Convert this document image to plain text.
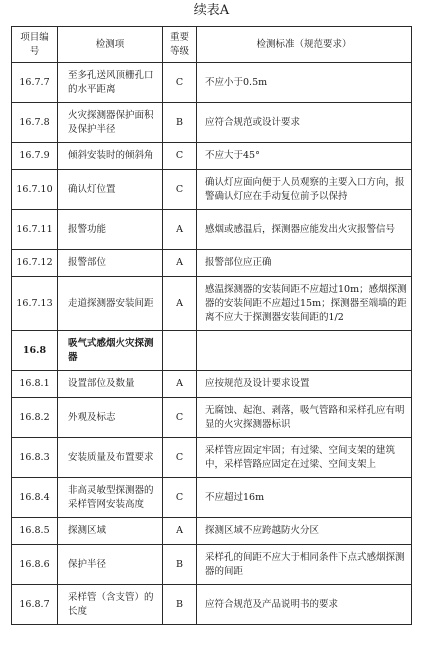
续表A
项目编号	检测项	重要等级	检测标准（规范要求）
16.7.7	至多孔送风顶栅孔口的水平距离	C	不应小于0.5m
16.7.8	火灾探测器保护面积及保护半径	B	应符合规范或设计要求
16.7.9	倾斜安装时的倾斜角	C	不应大于45°
16.7.10	确认灯位置	C	确认灯应面向便于人员观察的主要入口方向，报警确认灯应在手动复位前予以保持
16.7.11	报警功能	A	感烟或感温后，探测器应能发出火灾报警信号
16.7.12	报警部位	A	报警部位应正确
16.7.13	走道探测器安装间距	A	感温探测器的安装间距不应超过10m；感烟探测器的安装间距不应超过15m；探测器至端墙的距离不应大于探测器安装间距的1/2
16.8	吸气式感烟火灾探测器		
16.8.1	设置部位及数量	A	应按规范及设计要求设置
16.8.2	外观及标志	C	无腐蚀、起泡、剥落，吸气管路和采样孔应有明显的火灾探测器标识
16.8.3	安装质量及布置要求	C	采样管应固定牢固；有过梁、空间支架的建筑中，采样管路应固定在过梁、空间支架上
16.8.4	非高灵敏型探测器的采样管网安装高度	C	不应超过16m
16.8.5	探测区域	A	探测区域不应跨越防火分区
16.8.6	保护半径	B	采样孔的间距不应大于相同条件下点式感烟探测器的间距
16.8.7	采样管（含支管）的长度	B	应符合规范及产品说明书的要求
